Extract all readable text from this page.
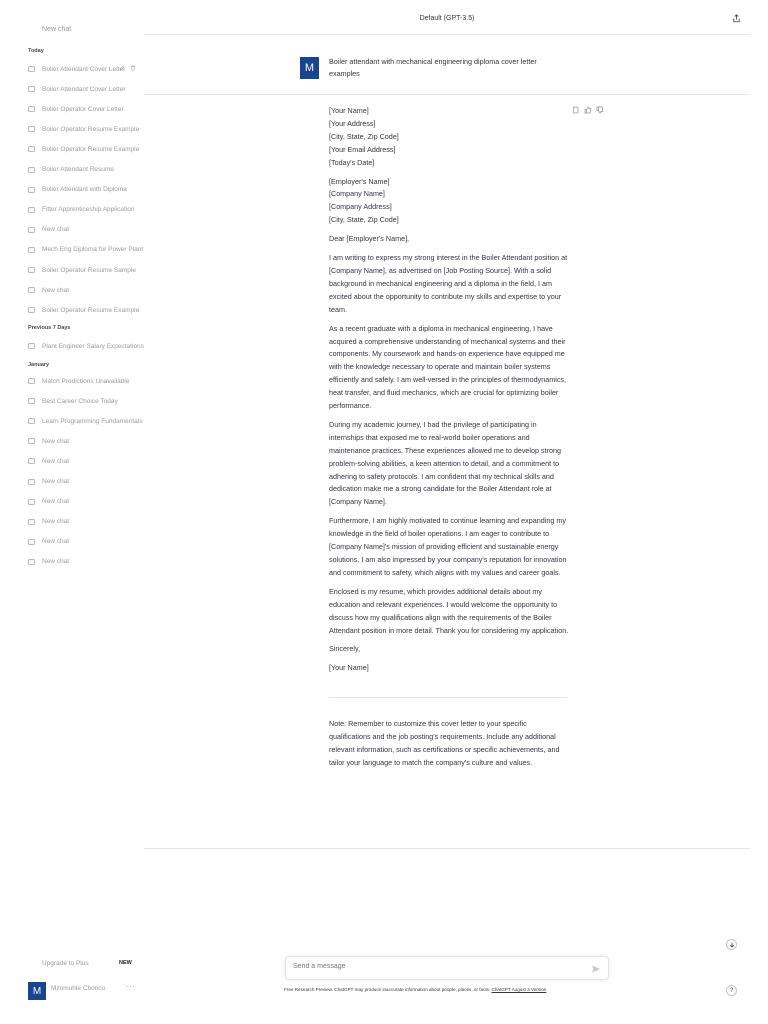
New chat
Today
Boiler Attendant Cover Letter
Boiler Attendant Cover Letter
Boiler Operator Cover Letter
Boiler Operator Resume Example
Boiler Operator Resume Example
Boiler Attendant Resume
Boiler Attendant with Diploma
Fitter Apprenticeship Application
New chat
Mech Eng Diploma for Power Plant
Boiler Operator Resume Sample
New chat
Boiler Operator Resume Example
Previous 7 Days
Plant Engineer Salary Expectations
January
Match Predictions Unavailable
Best Career Choice Today
Learn Programming Fundamentals
New chat
New chat
New chat
New chat
New chat
New chat
New chat
Upgrade to Plus	NEW
M	Mzomuhle Chonco	···
Default (GPT-3.5)
M
Boiler attendant with mechanical engineering diploma cover letter examples

[Your Name]
[Your Address]
[City, State, Zip Code]
[Your Email Address]
[Today's Date]

[Employer's Name]
[Company Name]
[Company Address]
[City, State, Zip Code]

Dear [Employer's Name],

I am writing to express my strong interest in the Boiler Attendant position at [Company Name], as advertised on [Job Posting Source]. With a solid background in mechanical engineering and a diploma in the field, I am excited about the opportunity to contribute my skills and expertise to your team.

As a recent graduate with a diploma in mechanical engineering, I have acquired a comprehensive understanding of mechanical systems and their components. My coursework and hands-on experience have equipped me with the knowledge necessary to operate and maintain boiler systems efficiently and safely. I am well-versed in the principles of thermodynamics, heat transfer, and fluid mechanics, which are crucial for optimizing boiler performance.

During my academic journey, I had the privilege of participating in internships that exposed me to real-world boiler operations and maintenance practices. These experiences allowed me to develop strong problem-solving abilities, a keen attention to detail, and a commitment to adhering to safety protocols. I am confident that my technical skills and dedication make me a strong candidate for the Boiler Attendant role at [Company Name].

Furthermore, I am highly motivated to continue learning and expanding my knowledge in the field of boiler operations. I am eager to contribute to [Company Name]'s mission of providing efficient and sustainable energy solutions. I am also impressed by your company's reputation for innovation and commitment to safety, which aligns with my values and career goals.

Enclosed is my resume, which provides additional details about my education and relevant experiences. I would welcome the opportunity to discuss how my qualifications align with the requirements of the Boiler Attendant position in more detail. Thank you for considering my application.

Sincerely,

[Your Name]

Note: Remember to customize this cover letter to your specific qualifications and the job posting's requirements. Include any additional relevant information, such as certifications or specific achievements, and tailor your language to match the company's culture and values.

Send a message
Free Research Preview. ChatGPT may produce inaccurate information about people, places, or facts. ChatGPT August 3 Version	?
